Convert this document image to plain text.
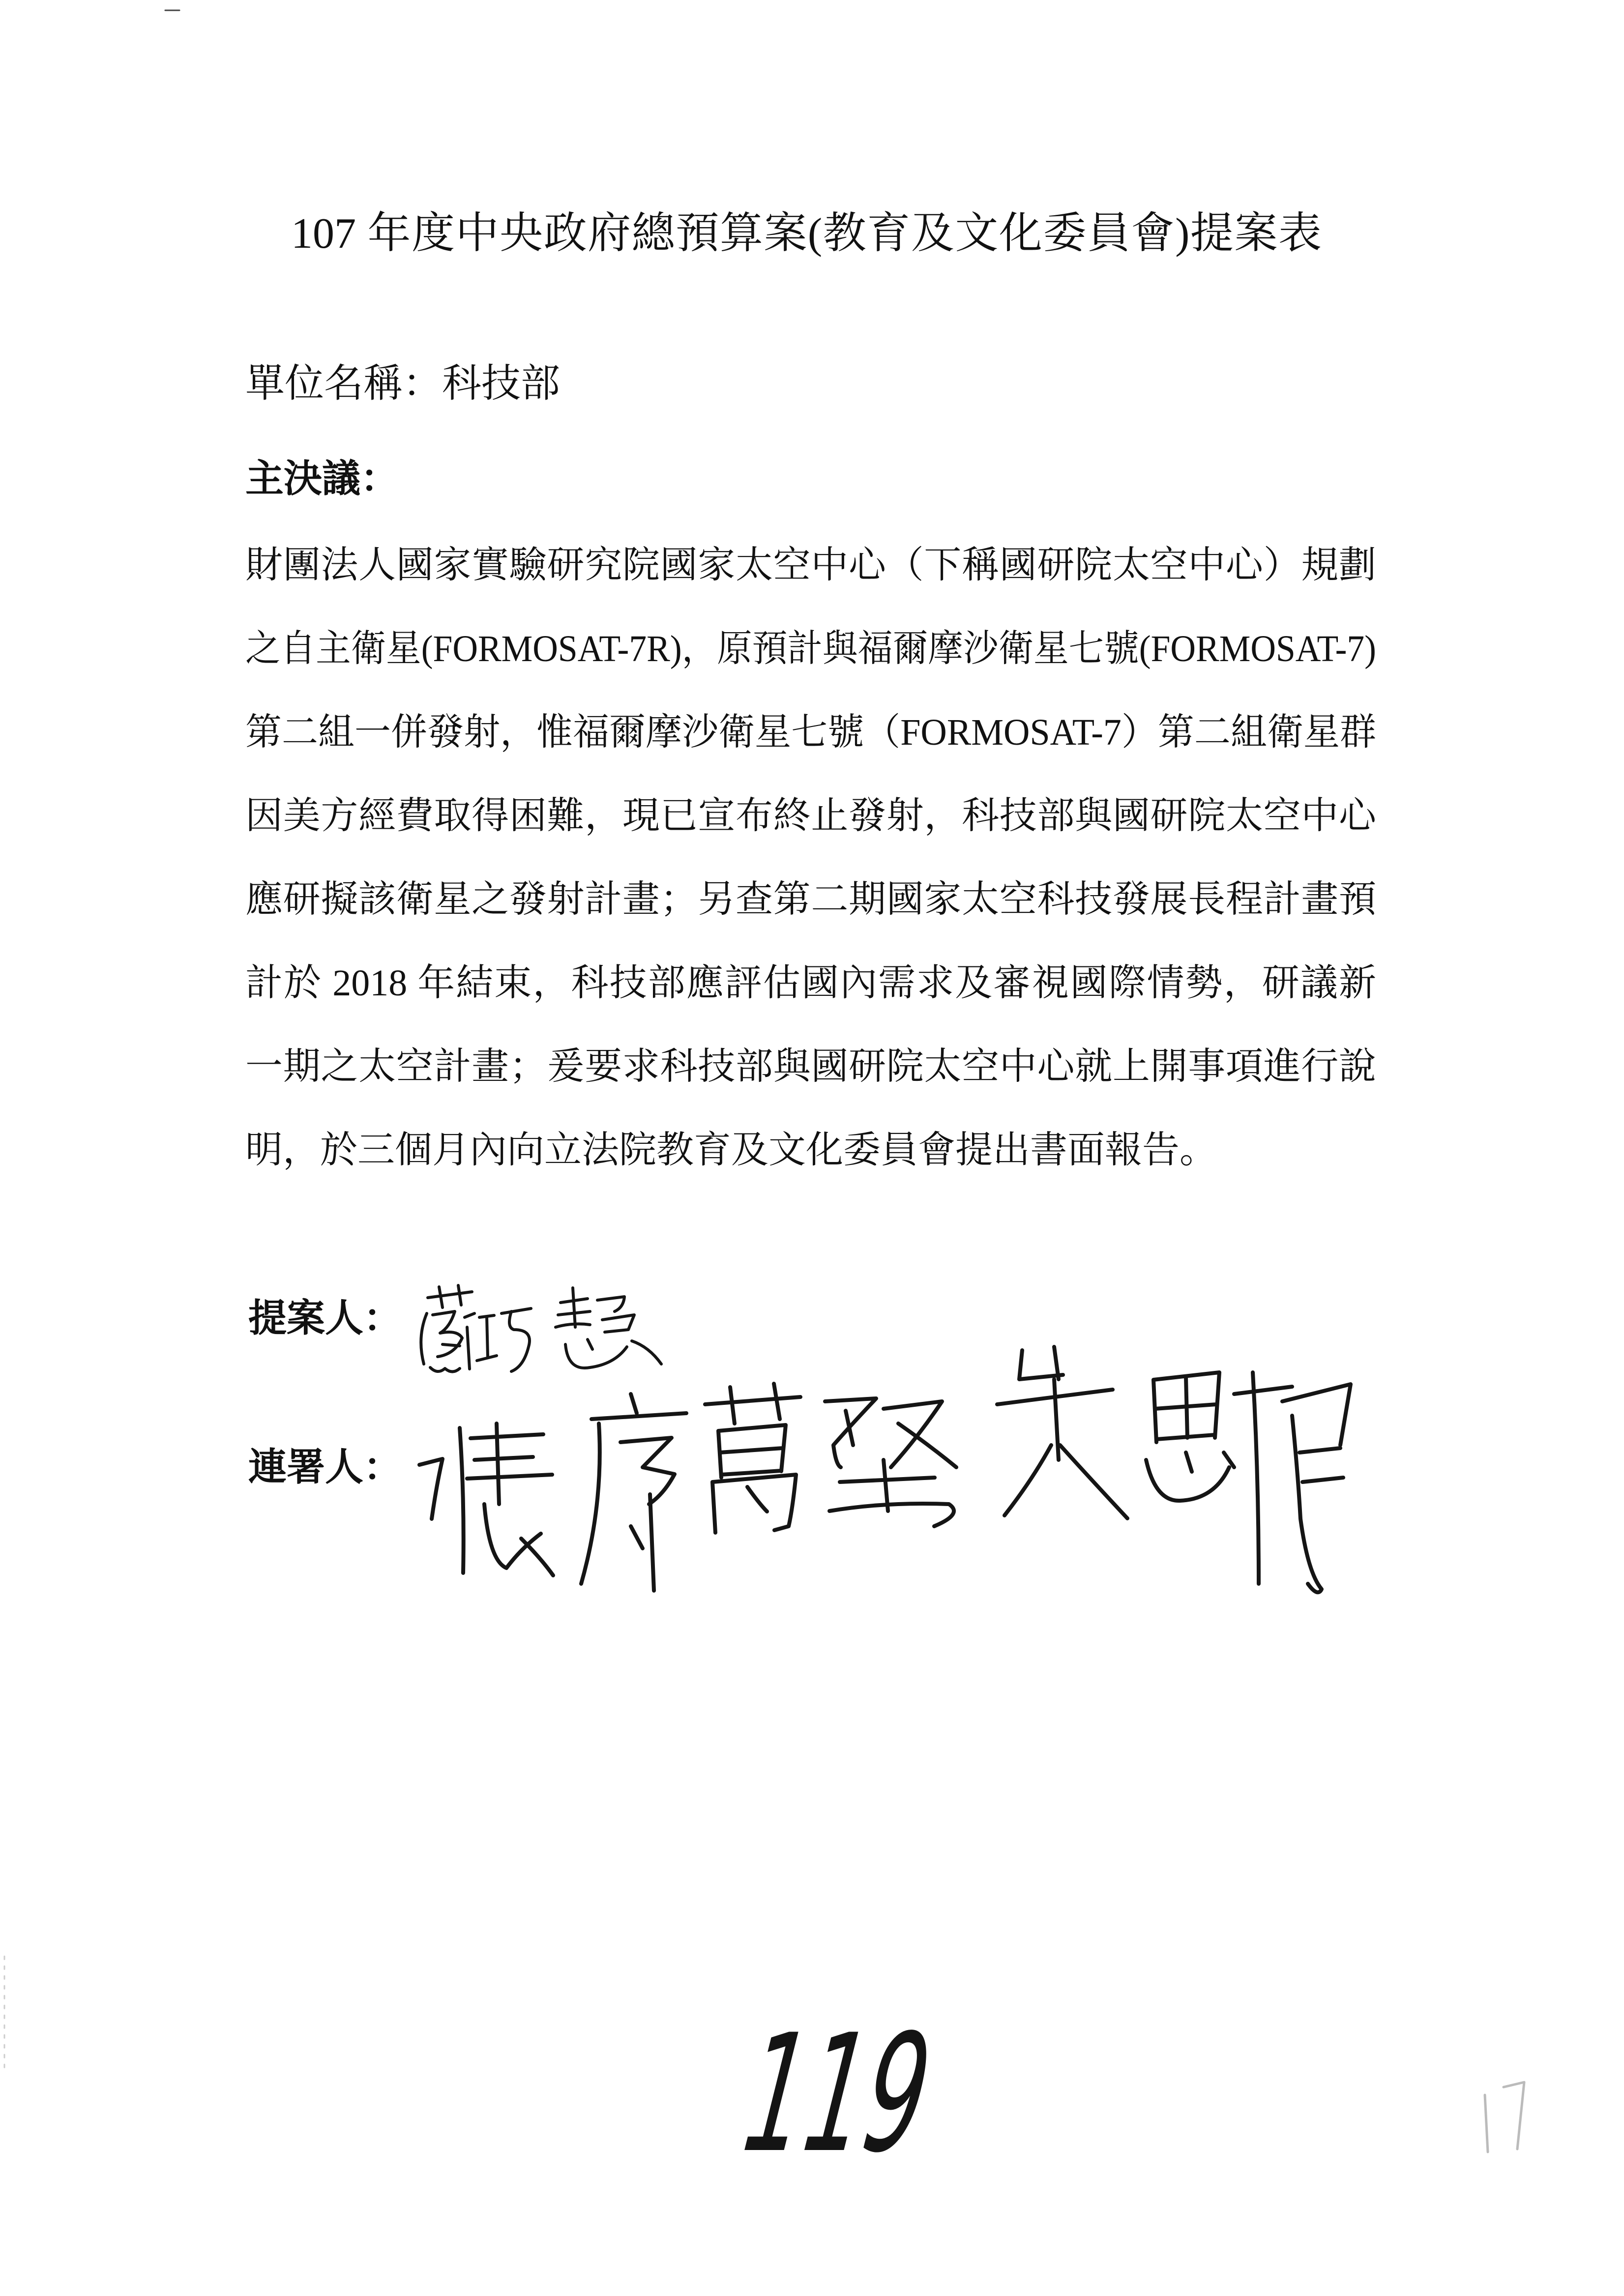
107 年度中央政府總預算案(教育及文化委員會)提案表
單位名稱：科技部
主決議：
財團法人國家實驗研究院國家太空中心（下稱國研院太空中心）規劃
之自主衛星(FORMOSAT-7R)，原預計與福爾摩沙衛星七號(FORMOSAT-7)
第二組一併發射，惟福爾摩沙衛星七號（FORMOSAT-7）第二組衛星群
因美方經費取得困難，現已宣布終止發射，科技部與國研院太空中心
應研擬該衛星之發射計畫；另查第二期國家太空科技發展長程計畫預
計於 2018 年結束，科技部應評估國內需求及審視國際情勢，研議新
一期之太空計畫；爰要求科技部與國研院太空中心就上開事項進行說
明，於三個月內向立法院教育及文化委員會提出書面報告。
提案人：
連署人：
119
